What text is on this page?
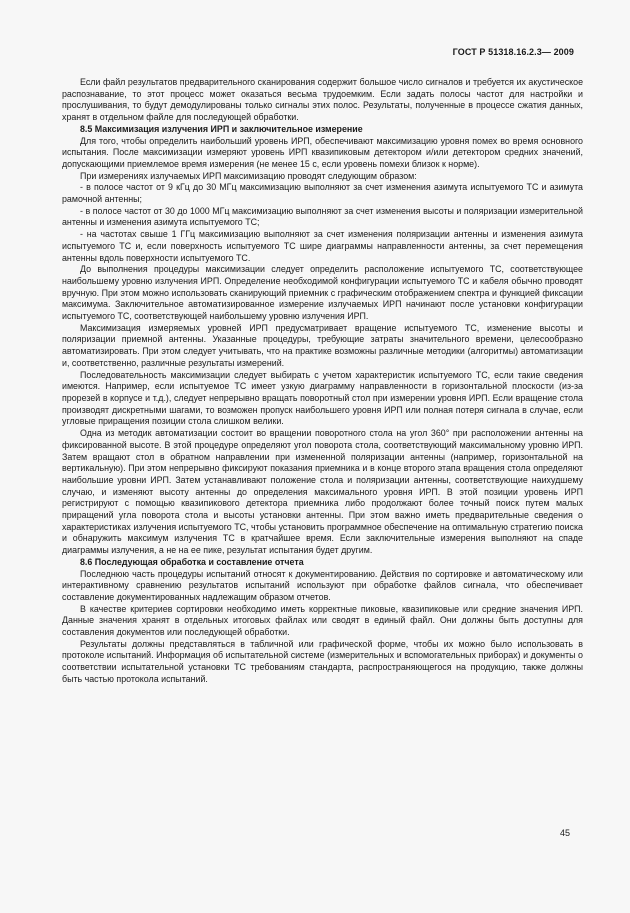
ГОСТ Р 51318.16.2.3— 2009

Если файл результатов предварительного сканирования содержит большое число сигналов и требуется их акустическое распознавание, то этот процесс может оказаться весьма трудоемким. Если задать полосы частот для настройки и прослушивания, то будут демодулированы только сигналы этих полос. Результаты, полученные в процессе сжатия данных, хранят в отдельном файле для последующей обработки.

8.5 Максимизация излучения ИРП и заключительное измерение

Для того, чтобы определить наибольший уровень ИРП, обеспечивают максимизацию уровня помех во время основного испытания. После максимизации измеряют уровень ИРП квазипиковым детектором и/или детектором средних значений, допускающими приемлемое время измерения (не менее 15 с, если уровень помехи близок к норме).

При измерениях излучаемых ИРП максимизацию проводят следующим образом:

- в полосе частот от 9 кГц до 30 МГц максимизацию выполняют за счет изменения азимута испытуемого ТС и азимута рамочной антенны;

- в полосе частот от 30 до 1000 МГц максимизацию выполняют за счет изменения высоты и поляризации измерительной антенны и изменения азимута испытуемого ТС;

- на частотах свыше 1 ГГц максимизацию выполняют за счет изменения поляризации антенны и изменения азимута испытуемого ТС и, если поверхность испытуемого ТС шире диаграммы направленности антенны, за счет перемещения антенны вдоль поверхности испытуемого ТС.

До выполнения процедуры максимизации следует определить расположение испытуемого ТС, соответствующее наибольшему уровню излучения ИРП. Определение необходимой конфигурации испытуемого ТС и кабеля обычно проводят вручную. При этом можно использовать сканирующий приемник с графическим отображением спектра и функцией фиксации максимума. Заключительное автоматизированное измерение излучаемых ИРП начинают после установки конфигурации испытуемого ТС, соответствующей наибольшему уровню излучения ИРП.

Максимизация измеряемых уровней ИРП предусматривает вращение испытуемого ТС, изменение высоты и поляризации приемной антенны. Указанные процедуры, требующие затраты значительного времени, целесообразно автоматизировать. При этом следует учитывать, что на практике возможны различные методики (алгоритмы) автоматизации и, соответственно, различные результаты измерений.

Последовательность максимизации следует выбирать с учетом характеристик испытуемого ТС, если такие сведения имеются. Например, если испытуемое ТС имеет узкую диаграмму направленности в горизонтальной плоскости (из-за прорезей в корпусе и т.д.), следует непрерывно вращать поворотный стол при измерении уровня ИРП. Если вращение стола производят дискретными шагами, то возможен пропуск наибольшего уровня ИРП или полная потеря сигнала в случае, если угловые приращения позиции стола слишком велики.

Одна из методик автоматизации состоит во вращении поворотного стола на угол 360° при расположении антенны на фиксированной высоте. В этой процедуре определяют угол поворота стола, соответствующий максимальному уровню ИРП. Затем вращают стол в обратном направлении при измененной поляризации антенны (например, горизонтальной на вертикальную). При этом непрерывно фиксируют показания приемника и в конце второго этапа вращения стола определяют наибольшие уровни ИРП. Затем устанавливают положение стола и поляризации антенны, соответствующие наихудшему случаю, и изменяют высоту антенны до определения максимального уровня ИРП. В этой позиции уровень ИРП регистрируют с помощью квазипикового детектора приемника либо продолжают более точный поиск путем малых приращений угла поворота стола и высоты установки антенны. При этом важно иметь предварительные сведения о характеристиках излучения испытуемого ТС, чтобы установить программное обеспечение на оптимальную стратегию поиска и обнаружить максимум излучения ТС в кратчайшее время. Если заключительные измерения выполняют на спаде диаграммы излучения, а не на ее пике, результат испытания будет другим.

8.6 Последующая обработка и составление отчета

Последнюю часть процедуры испытаний относят к документированию. Действия по сортировке и автоматическому или интерактивному сравнению результатов испытаний используют при обработке файлов сигнала, что обеспечивает составление документированных надлежащим образом отчетов.

В качестве критериев сортировки необходимо иметь корректные пиковые, квазипиковые или средние значения ИРП. Данные значения хранят в отдельных итоговых файлах или сводят в единый файл. Они должны быть доступны для составления документов или последующей обработки.

Результаты должны представляться в табличной или графической форме, чтобы их можно было использовать в протоколе испытаний. Информация об испытательной системе (измерительных и вспомогательных приборах) и документы о соответствии испытательной установки ТС требованиям стандарта, распространяющегося на продукцию, также должны быть частью протокола испытаний.

45
